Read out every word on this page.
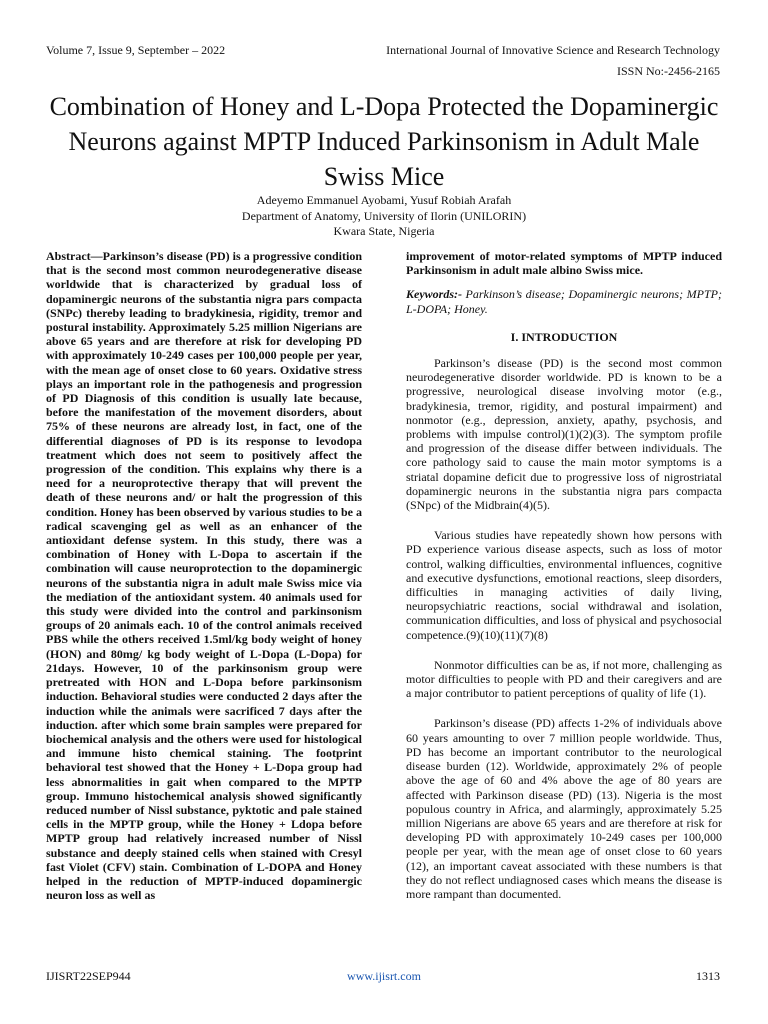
Volume 7, Issue 9, September – 2022	International Journal of Innovative Science and Research Technology
ISSN No:-2456-2165
Combination of Honey and L-Dopa Protected the Dopaminergic Neurons against MPTP Induced Parkinsonism in Adult Male Swiss Mice
Adeyemo Emmanuel Ayobami, Yusuf Robiah Arafah
Department of Anatomy, University of Ilorin (UNILORIN)
Kwara State, Nigeria
Abstract—Parkinson’s disease (PD) is a progressive condition that is the second most common neurodegenerative disease worldwide that is characterized by gradual loss of dopaminergic neurons of the substantia nigra pars compacta (SNPc) thereby leading to bradykinesia, rigidity, tremor and postural instability. Approximately 5.25 million Nigerians are above 65 years and are therefore at risk for developing PD with approximately 10-249 cases per 100,000 people per year, with the mean age of onset close to 60 years. Oxidative stress plays an important role in the pathogenesis and progression of PD Diagnosis of this condition is usually late because, before the manifestation of the movement disorders, about 75% of these neurons are already lost, in fact, one of the differential diagnoses of PD is its response to levodopa treatment which does not seem to positively affect the progression of the condition. This explains why there is a need for a neuroprotective therapy that will prevent the death of these neurons and/ or halt the progression of this condition. Honey has been observed by various studies to be a radical scavenging gel as well as an enhancer of the antioxidant defense system. In this study, there was a combination of Honey with L-Dopa to ascertain if the combination will cause neuroprotection to the dopaminergic neurons of the substantia nigra in adult male Swiss mice via the mediation of the antioxidant system. 40 animals used for this study were divided into the control and parkinsonism groups of 20 animals each. 10 of the control animals received PBS while the others received 1.5ml/kg body weight of honey (HON) and 80mg/ kg body weight of L-Dopa (L-Dopa) for 21days. However, 10 of the parkinsonism group were pretreated with HON and L-Dopa before parkinsonism induction. Behavioral studies were conducted 2 days after the induction while the animals were sacrificed 7 days after the induction. after which some brain samples were prepared for biochemical analysis and the others were used for histological and immune histo chemical staining. The footprint behavioral test showed that the Honey + L-Dopa group had less abnormalities in gait when compared to the MPTP group. Immuno histochemical analysis showed significantly reduced number of Nissl substance, pyktotic and pale stained cells in the MPTP group, while the Honey + Ldopa before MPTP group had relatively increased number of Nissl substance and deeply stained cells when stained with Cresyl fast Violet (CFV) stain. Combination of L-DOPA and Honey helped in the reduction of MPTP-induced dopaminergic neuron loss as well as
improvement of motor-related symptoms of MPTP induced Parkinsonism in adult male albino Swiss mice.
Keywords:- Parkinson’s disease; Dopaminergic neurons; MPTP; L-DOPA; Honey.
I. INTRODUCTION

Parkinson’s disease (PD) is the second most common neurodegenerative disorder worldwide. PD is known to be a progressive, neurological disease involving motor (e.g., bradykinesia, tremor, rigidity, and postural impairment) and nonmotor (e.g., depression, anxiety, apathy, psychosis, and problems with impulse control)(1)(2)(3). The symptom profile and progression of the disease differ between individuals. The core pathology said to cause the main motor symptoms is a striatal dopamine deficit due to progressive loss of nigrostriatal dopaminergic neurons in the substantia nigra pars compacta (SNpc) of the Midbrain(4)(5).

Various studies have repeatedly shown how persons with PD experience various disease aspects, such as loss of motor control, walking difficulties, environmental influences, cognitive and executive dysfunctions, emotional reactions, sleep disorders, difficulties in managing activities of daily living, neuropsychiatric reactions, social withdrawal and isolation, communication difficulties, and loss of physical and psychosocial competence.(9)(10)(11)(7)(8)

Nonmotor difficulties can be as, if not more, challenging as motor difficulties to people with PD and their caregivers and are a major contributor to patient perceptions of quality of life (1).

Parkinson’s disease (PD) affects 1-2% of individuals above 60 years amounting to over 7 million people worldwide. Thus, PD has become an important contributor to the neurological disease burden (12). Worldwide, approximately 2% of people above the age of 60 and 4% above the age of 80 years are affected with Parkinson disease (PD) (13). Nigeria is the most populous country in Africa, and alarmingly, approximately 5.25 million Nigerians are above 65 years and are therefore at risk for developing PD with approximately 10-249 cases per 100,000 people per year, with the mean age of onset close to 60 years (12), an important caveat associated with these numbers is that they do not reflect undiagnosed cases which means the disease is more rampant than documented.

IJISRT22SEP944	www.ijisrt.com	1313
